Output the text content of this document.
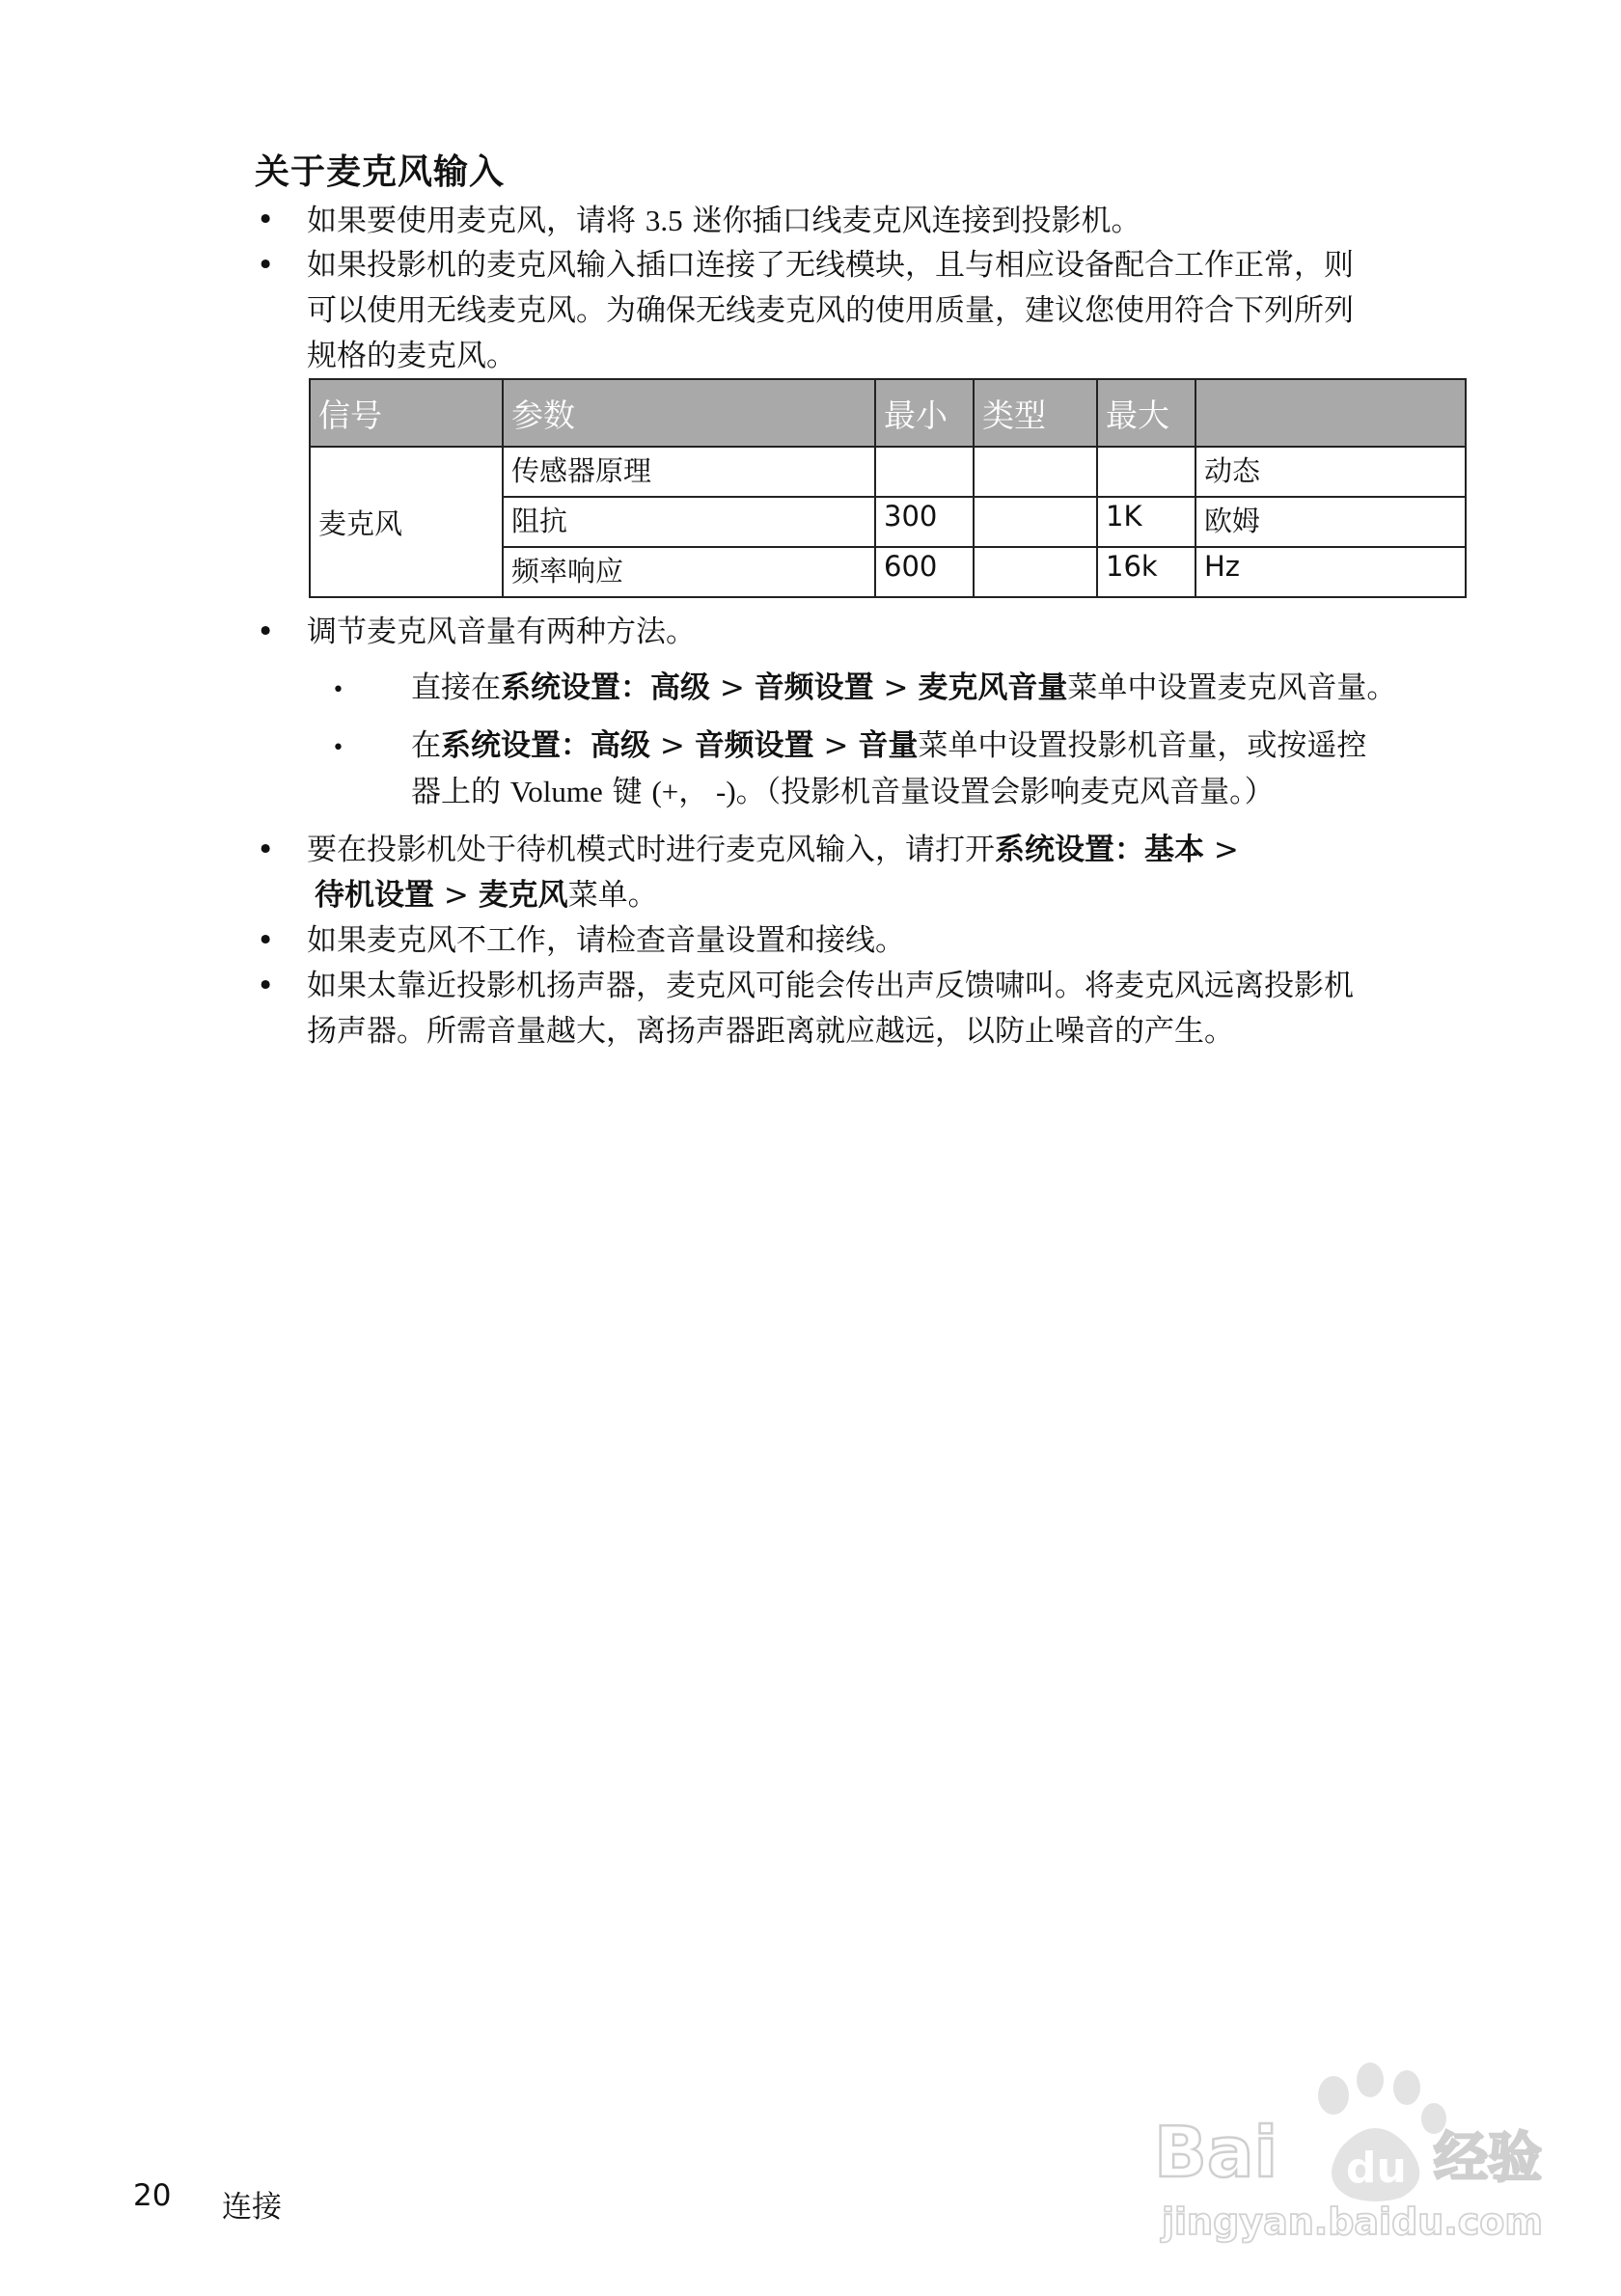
关于麦克风输入
• 如果要使用麦克风，请将 3.5 迷你插口线麦克风连接到投影机。
• 如果投影机的麦克风输入插口连接了无线模块，且与相应设备配合工作正常，则
可以使用无线麦克风。为确保无线麦克风的使用质量，建议您使用符合下列所列
规格的麦克风。
信号	参数	最小	类型	最大	
麦克风	传感器原理				动态
	阻抗	300		1K	欧姆
	频率响应	600		16k	Hz
• 调节麦克风音量有两种方法。
• 直接在系统设置：高级 > 音频设置 > 麦克风音量菜单中设置麦克风音量。
• 在系统设置：高级 > 音频设置 > 音量菜单中设置投影机音量，或按遥控
器上的 Volume 键 (+， -)。（投影机音量设置会影响麦克风音量。）
• 要在投影机处于待机模式时进行麦克风输入，请打开系统设置：基本 >
待机设置 > 麦克风菜单。
• 如果麦克风不工作，请检查音量设置和接线。
• 如果太靠近投影机扬声器，麦克风可能会传出声反馈啸叫。将麦克风远离投影机
扬声器。所需音量越大，离扬声器距离就应越远，以防止噪音的产生。
20 连接
Bai du 经验
jingyan.baidu.com
